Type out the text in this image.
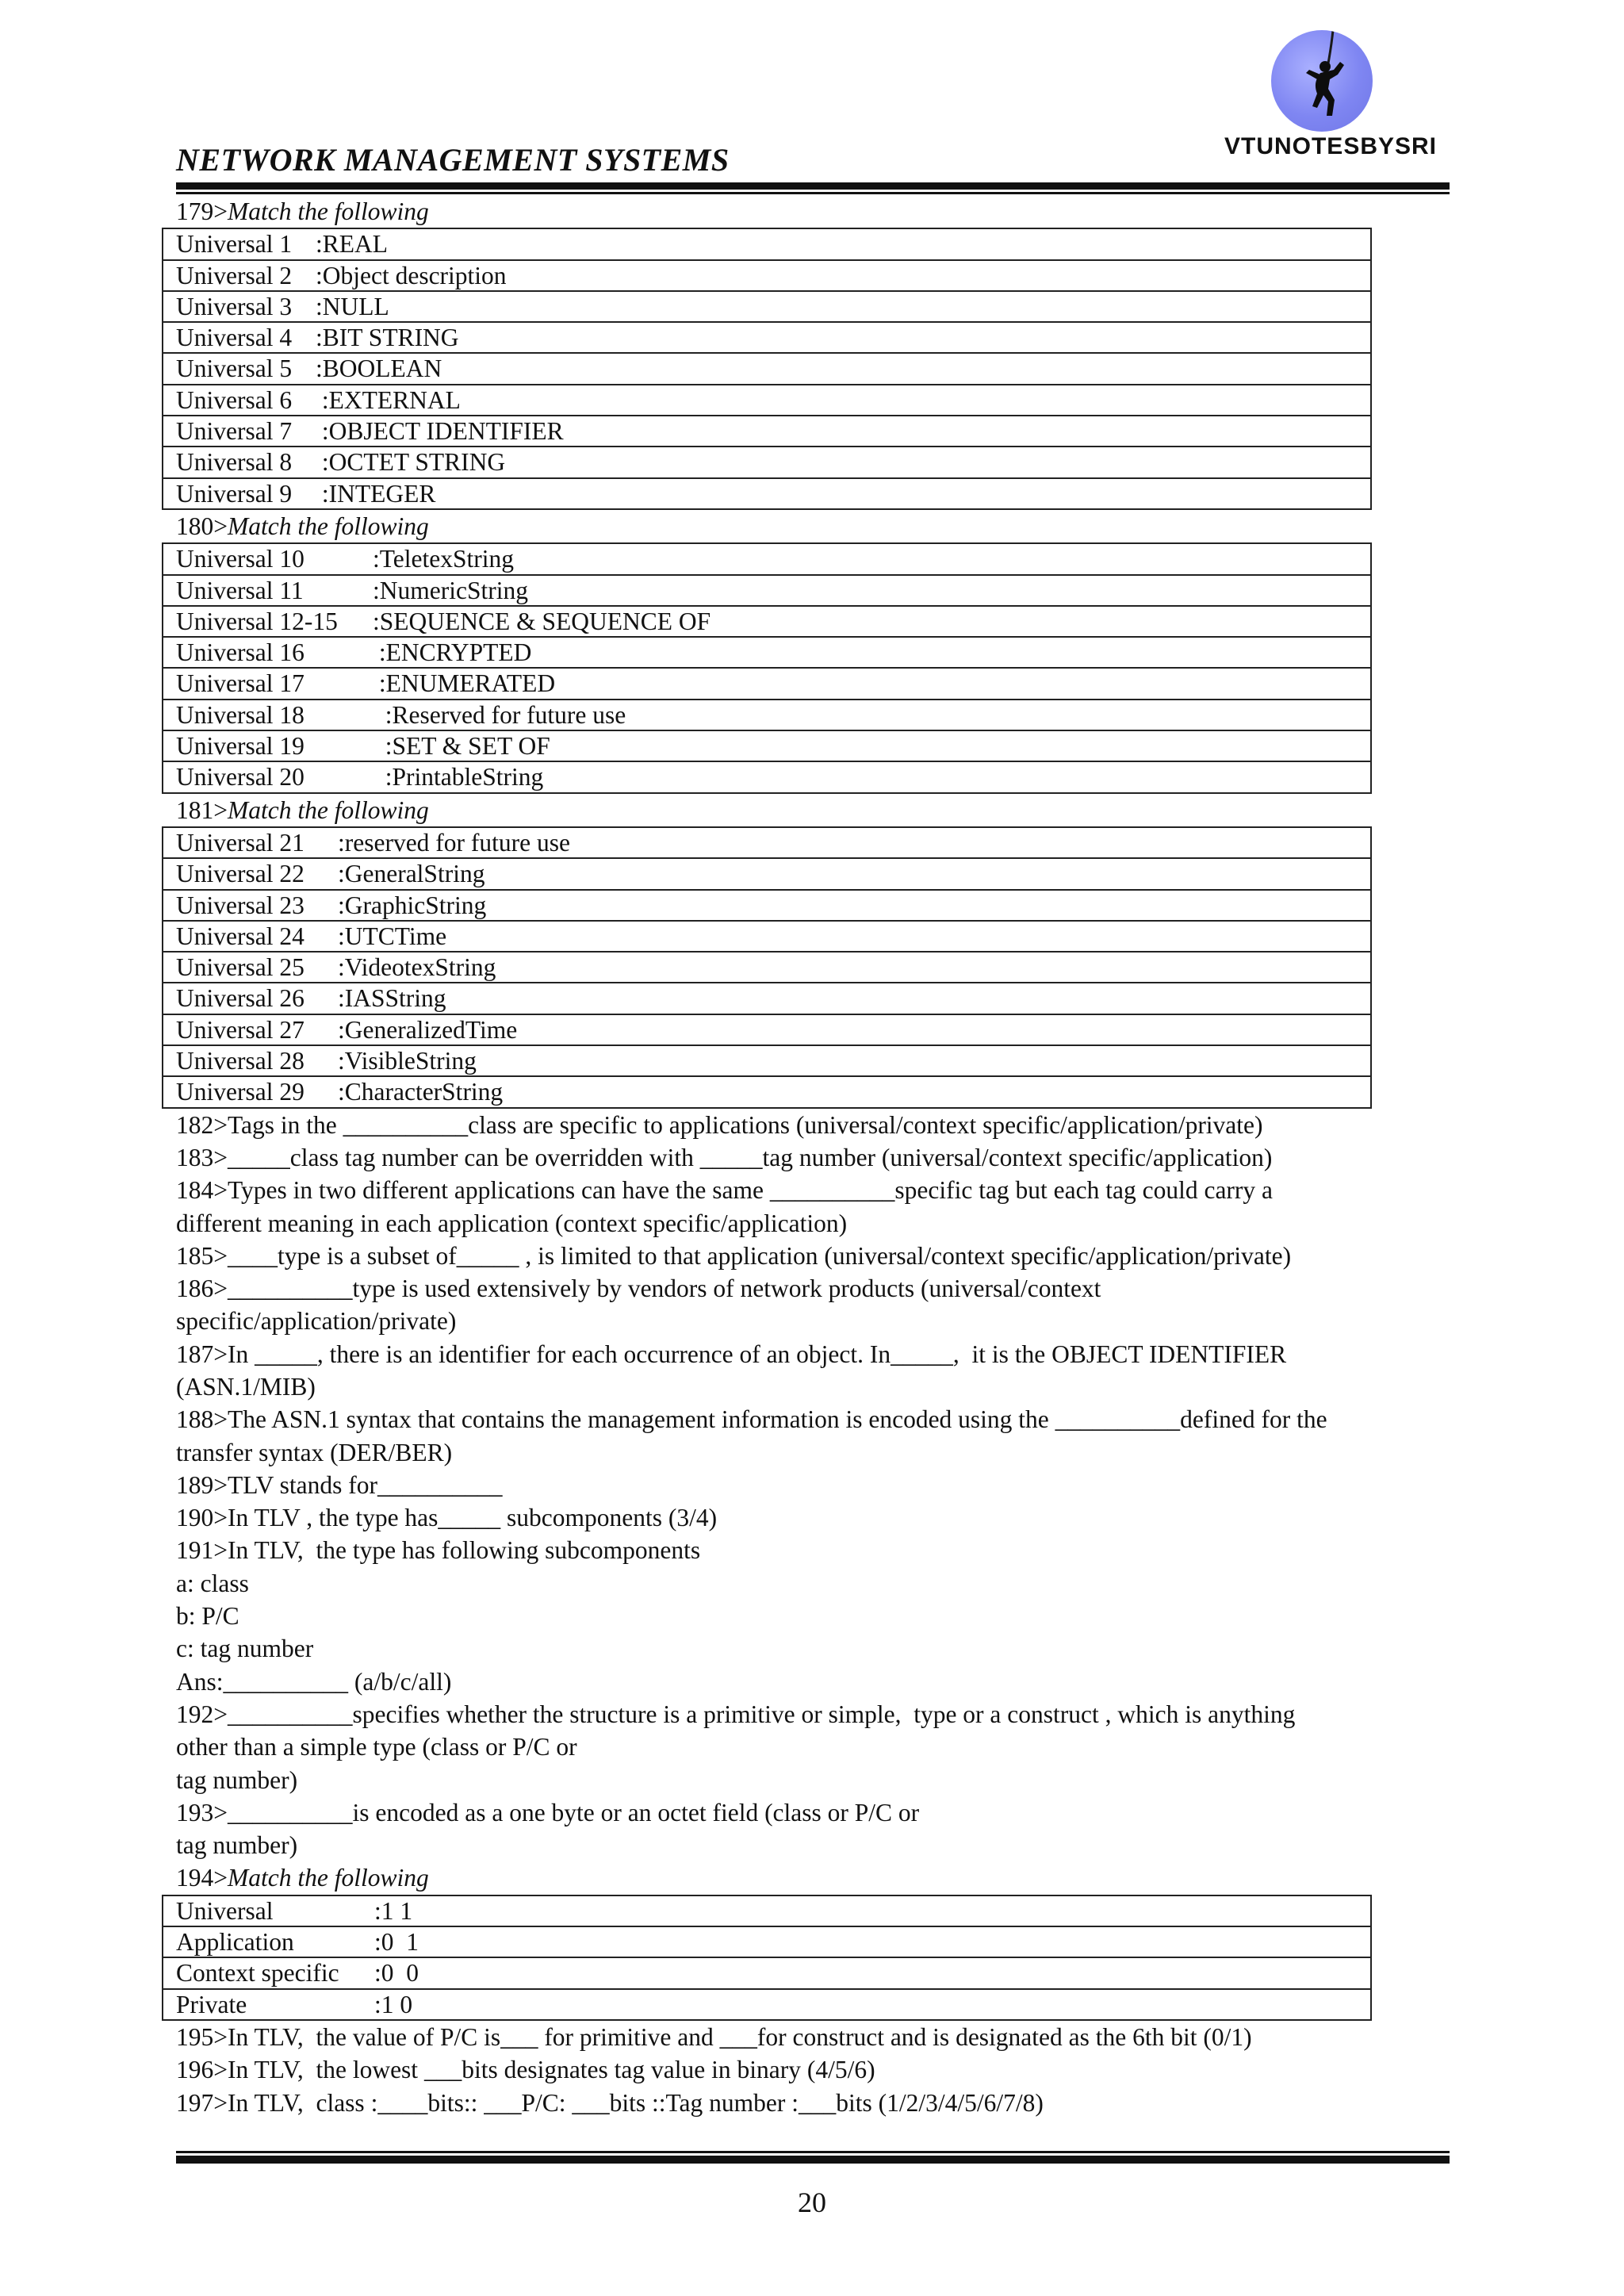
VTUNOTESBYSRI
NETWORK MANAGEMENT SYSTEMS
179>Match the following
Universal 1 :REAL
Universal 2 :Object description
Universal 3 :NULL
Universal 4 :BIT STRING
Universal 5 :BOOLEAN
Universal 6 :EXTERNAL
Universal 7 :OBJECT IDENTIFIER
Universal 8 :OCTET STRING
Universal 9 :INTEGER
180>Match the following
Universal 10	:TeletexString
Universal 11	:NumericString
Universal 12-15 :SEQUENCE & SEQUENCE OF
Universal 16	:ENCRYPTED
Universal 17	:ENUMERATED
Universal 18	:Reserved for future use
Universal 19	:SET & SET OF
Universal 20	:PrintableString
181>Match the following
Universal 21 :reserved for future use
Universal 22 :GeneralString
Universal 23 :GraphicString
Universal 24 :UTCTime
Universal 25 :VideotexString
Universal 26 :IASString
Universal 27 :GeneralizedTime
Universal 28 :VisibleString
Universal 29 :CharacterString
182>Tags in the __________class are specific to applications (universal/context specific/application/private)
183>_____class tag number can be overridden with _____tag number (universal/context specific/application)
184>Types in two different applications can have the same __________specific tag but each tag could carry a
different meaning in each application (context specific/application)
185>____type is a subset of_____ , is limited to that application (universal/context specific/application/private)
186>__________type is used extensively by vendors of network products (universal/context
specific/application/private)
187>In _____, there is an identifier for each occurrence of an object. In_____,  it is the OBJECT IDENTIFIER
(ASN.1/MIB)
188>The ASN.1 syntax that contains the management information is encoded using the __________defined for the
transfer syntax (DER/BER)
189>TLV stands for__________
190>In TLV , the type has_____ subcomponents (3/4)
191>In TLV,  the type has following subcomponents
a: class
b: P/C
c: tag number
Ans:__________ (a/b/c/all)
192>__________specifies whether the structure is a primitive or simple,  type or a construct , which is anything
other than a simple type (class or P/C or
tag number)
193>__________is encoded as a one byte or an octet field (class or P/C or
tag number)
194>Match the following
Universal	:1 1
Application	:0  1
Context specific :0  0
Private	:1 0
195>In TLV,  the value of P/C is___ for primitive and ___for construct and is designated as the 6th bit (0/1)
196>In TLV,  the lowest ___bits designates tag value in binary (4/5/6)
197>In TLV,  class :____bits:: ___P/C: ___bits ::Tag number :___bits (1/2/3/4/5/6/7/8)
20
